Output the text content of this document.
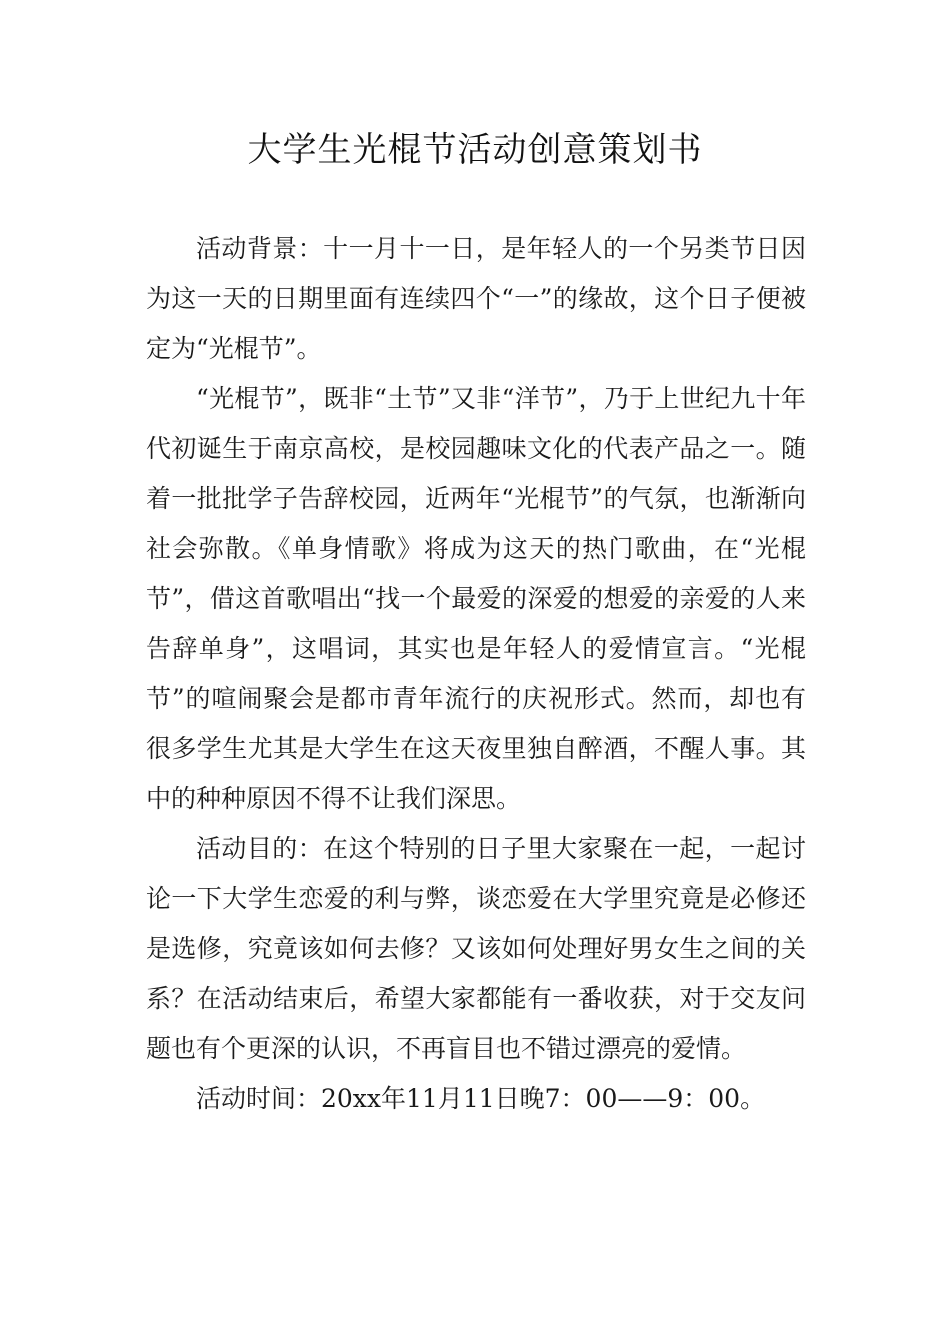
大学生光棍节活动创意策划书

活动背景：十一月十一日，是年轻人的一个另类节日因为这一天的日期里面有连续四个“一”的缘故，这个日子便被定为“光棍节”。

“光棍节”，既非“土节”又非“洋节”，乃于上世纪九十年代初诞生于南京高校，是校园趣味文化的代表产品之一。随着一批批学子告辞校园，近两年“光棍节”的气氛，也渐渐向社会弥散。《单身情歌》将成为这天的热门歌曲，在“光棍节”，借这首歌唱出“找一个最爱的深爱的想爱的亲爱的人来告辞单身”，这唱词，其实也是年轻人的爱情宣言。“光棍节”的喧闹聚会是都市青年流行的庆祝形式。然而，却也有很多学生尤其是大学生在这天夜里独自醉酒，不醒人事。其中的种种原因不得不让我们深思。

活动目的：在这个特别的日子里大家聚在一起，一起讨论一下大学生恋爱的利与弊，谈恋爱在大学里究竟是必修还是选修，究竟该如何去修？又该如何处理好男女生之间的关系？在活动结束后，希望大家都能有一番收获，对于交友问题也有个更深的认识，不再盲目也不错过漂亮的爱情。

活动时间：20xx年11月11日晚7：00——9：00。
